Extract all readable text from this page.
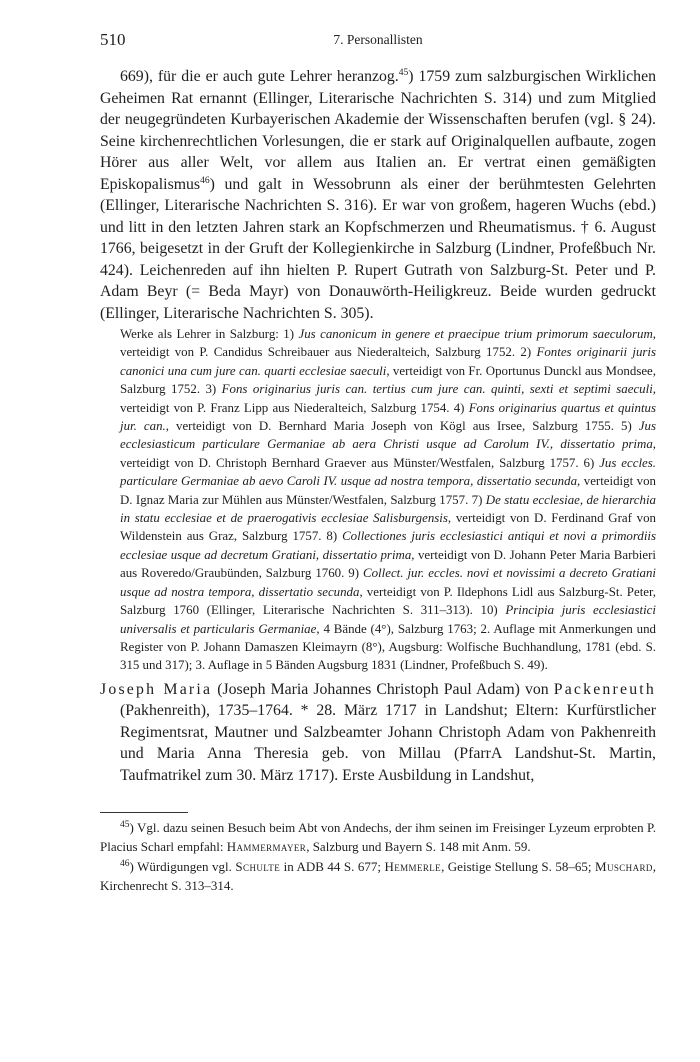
510	7. Personallisten

669), für die er auch gute Lehrer heranzog.$^{45}$) 1759 zum salzburgischen Wirklichen Geheimen Rat ernannt (Ellinger, Literarische Nachrichten S. 314) und zum Mitglied der neugegründeten Kurbayerischen Akademie der Wissenschaften berufen (vgl. § 24). Seine kirchenrechtlichen Vorlesungen, die er stark auf Originalquellen aufbaute, zogen Hörer aus aller Welt, vor allem aus Italien an. Er vertrat einen gemäßigten Episkopalismus$^{46}$) und galt in Wessobrunn als einer der berühmtesten Gelehrten (Ellinger, Literarische Nachrichten S. 316). Er war von großem, hageren Wuchs (ebd.) und litt in den letzten Jahren stark an Kopfschmerzen und Rheumatismus. † 6. August 1766, beigesetzt in der Gruft der Kollegienkirche in Salzburg (Lindner, Profeßbuch Nr. 424). Leichenreden auf ihn hielten P. Rupert Gutrath von Salzburg-St. Peter und P. Adam Beyr (= Beda Mayr) von Donauwörth-Heiligkreuz. Beide wurden gedruckt (Ellinger, Literarische Nachrichten S. 305).

Werke als Lehrer in Salzburg: 1) Jus canonicum in genere et praecipue trium primorum saeculorum, verteidigt von P. Candidus Schreibauer aus Niederalteich, Salzburg 1752. 2) Fontes originarii juris canonici una cum jure can. quarti ecclesiae saeculi, verteidigt von Fr. Oportunus Dunckl aus Mondsee, Salzburg 1752. 3) Fons originarius juris can. tertius cum jure can. quinti, sexti et septimi saeculi, verteidigt von P. Franz Lipp aus Niederalteich, Salzburg 1754. 4) Fons originarius quartus et quintus jur. can., verteidigt von D. Bernhard Maria Joseph von Kögl aus Irsee, Salzburg 1755. 5) Jus ecclesiasticum particulare Germaniae ab aera Christi usque ad Carolum IV., dissertatio prima, verteidigt von D. Christoph Bernhard Graever aus Münster/Westfalen, Salzburg 1757. 6) Jus eccles. particulare Germaniae ab aevo Caroli IV. usque ad nostra tempora, dissertatio secunda, verteidigt von D. Ignaz Maria zur Mühlen aus Münster/Westfalen, Salzburg 1757. 7) De statu ecclesiae, de hierarchia in statu ecclesiae et de praerogativis ecclesiae Salisburgensis, verteidigt von D. Ferdinand Graf von Wildenstein aus Graz, Salzburg 1757. 8) Collectiones juris ecclesiastici antiqui et novi a primordiis ecclesiae usque ad decretum Gratiani, dissertatio prima, verteidigt von D. Johann Peter Maria Barbieri aus Roveredo/Graubünden, Salzburg 1760. 9) Collect. jur. eccles. novi et novissimi a decreto Gratiani usque ad nostra tempora, dissertatio secunda, verteidigt von P. Ildephons Lidl aus Salzburg-St. Peter, Salzburg 1760 (Ellinger, Literarische Nachrichten S. 311–313). 10) Principia juris ecclesiastici universalis et particularis Germaniae, 4 Bände (4°), Salzburg 1763; 2. Auflage mit Anmerkungen und Register von P. Johann Damaszen Kleimayrn (8°), Augsburg: Wolfische Buchhandlung, 1781 (ebd. S. 315 und 317); 3. Auflage in 5 Bänden Augsburg 1831 (Lindner, Profeßbuch S. 49).

Joseph Maria (Joseph Maria Johannes Christoph Paul Adam) von Packenreuth (Pakhenreith), 1735–1764. * 28. März 1717 in Landshut; Eltern: Kurfürstlicher Regimentsrat, Mautner und Salzbeamter Johann Christoph Adam von Pakhenreith und Maria Anna Theresia geb. von Millau (PfarrA Landshut-St. Martin, Taufmatrikel zum 30. März 1717). Erste Ausbildung in Landshut,

$^{45}$) Vgl. dazu seinen Besuch beim Abt von Andechs, der ihm seinen im Freisinger Lyzeum erprobten P. Placius Scharl empfahl: Hammermayer, Salzburg und Bayern S. 148 mit Anm. 59.

$^{46}$) Würdigungen vgl. Schulte in ADB 44 S. 677; Hemmerle, Geistige Stellung S. 58–65; Muschard, Kirchenrecht S. 313–314.
